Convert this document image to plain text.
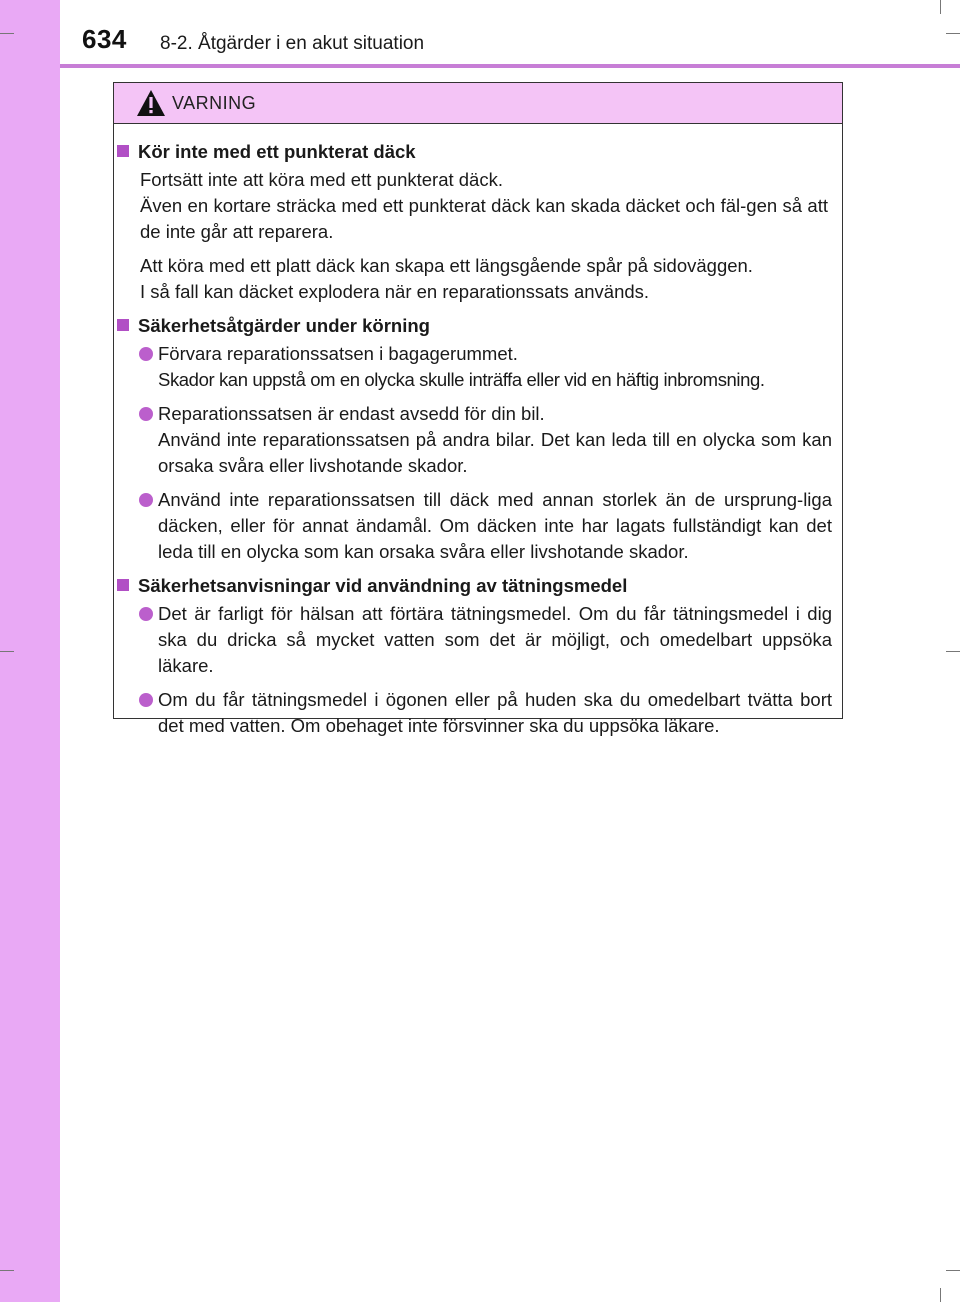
634 8-2. Åtgärder i en akut situation
VARNING
Kör inte med ett punkterat däck
Fortsätt inte att köra med ett punkterat däck.
Även en kortare sträcka med ett punkterat däck kan skada däcket och fäl-gen så att de inte går att reparera.
Att köra med ett platt däck kan skapa ett längsgående spår på sidoväggen.
I så fall kan däcket explodera när en reparationssats används.
Säkerhetsåtgärder under körning
Förvara reparationssatsen i bagagerummet.
Skador kan uppstå om en olycka skulle inträffa eller vid en häftig inbromsning.
Reparationssatsen är endast avsedd för din bil.
Använd inte reparationssatsen på andra bilar. Det kan leda till en olycka som kan orsaka svåra eller livshotande skador.
Använd inte reparationssatsen till däck med annan storlek än de ursprung-liga däcken, eller för annat ändamål. Om däcken inte har lagats fullständigt kan det leda till en olycka som kan orsaka svåra eller livshotande skador.
Säkerhetsanvisningar vid användning av tätningsmedel
Det är farligt för hälsan att förtära tätningsmedel. Om du får tätningsmedel i dig ska du dricka så mycket vatten som det är möjligt, och omedelbart uppsöka läkare.
Om du får tätningsmedel i ögonen eller på huden ska du omedelbart tvätta bort det med vatten. Om obehaget inte försvinner ska du uppsöka läkare.
